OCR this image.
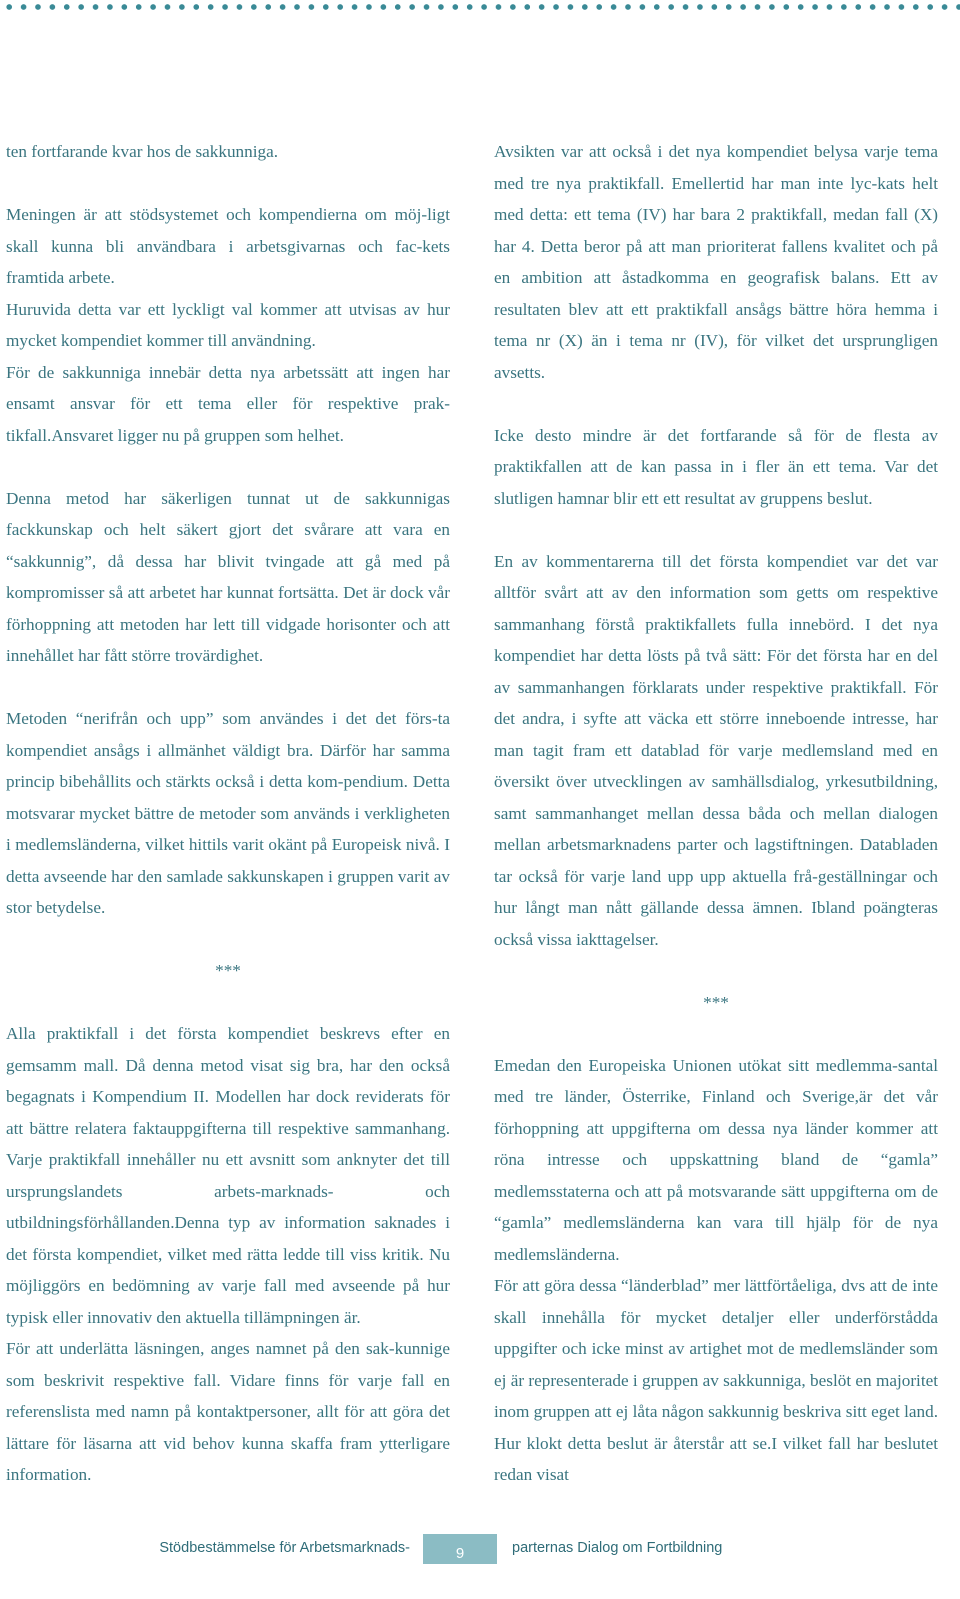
ten fortfarande kvar hos de sakkunniga.

Meningen är att stödsystemet och kompendierna om möj-ligt skall kunna bli användbara i arbetsgivarnas och fac-kets framtida arbete.

Huruvida detta var ett lyckligt val kommer att utvisas av hur mycket kompendiet kommer till användning.

För de sakkunniga innebär detta nya arbetssätt att ingen har ensamt ansvar för ett tema eller för respektive prak-tikfall.Ansvaret ligger nu på gruppen som helhet.

Denna metod har säkerligen tunnat ut de sakkunnigas fackkunskap och helt säkert gjort det svårare att vara en “sakkunnig”, då dessa har blivit tvingade att gå med på kompromisser så att arbetet har kunnat fortsätta. Det är dock vår förhoppning att metoden har lett till vidgade horisonter och att innehållet har fått större trovärdighet.

Metoden “nerifrån och upp” som användes i det det förs-ta kompendiet ansågs i allmänhet väldigt bra. Därför har samma princip bibehållits och stärkts också i detta kom-pendium. Detta motsvarar mycket bättre de metoder som används i verkligheten i medlemsländerna, vilket hittils varit okänt på Europeisk nivå. I detta avseende har den samlade sakkunskapen i gruppen varit av stor betydelse.

***

Alla praktikfall i det första kompendiet beskrevs efter en gemsamm mall. Då denna metod visat sig bra, har den också begagnats i Kompendium II. Modellen har dock reviderats för att bättre relatera faktauppgifterna till respektive sammanhang. Varje praktikfall innehåller nu ett avsnitt som anknyter det till ursprungslandets arbets-marknads- och utbildningsförhållanden.Denna typ av information saknades i det första kompendiet, vilket med rätta ledde till viss kritik. Nu möjliggörs en bedömning av varje fall med avseende på hur typisk eller innovativ den aktuella tillämpningen är.

För att underlätta läsningen, anges namnet på den sak-kunnige som beskrivit respektive fall. Vidare finns för varje fall en referenslista med namn på kontaktpersoner, allt för att göra det lättare för läsarna att vid behov kunna skaffa fram ytterligare information.

Avsikten var att också i det nya kompendiet belysa varje tema med tre nya praktikfall. Emellertid har man inte lyc-kats helt med detta: ett tema (IV) har bara 2 praktikfall, medan fall (X) har 4. Detta beror på att man prioriterat fallens kvalitet och på en ambition att åstadkomma en geografisk balans. Ett av resultaten blev att ett praktikfall ansågs bättre höra hemma i tema nr (X) än i tema nr (IV), för vilket det ursprungligen avsetts.

Icke desto mindre är det fortfarande så för de flesta av praktikfallen att de kan passa in i fler än ett tema. Var det slutligen hamnar blir ett ett resultat av gruppens beslut.

En av kommentarerna till det första kompendiet var det var alltför svårt att av den information som getts om respektive sammanhang förstå praktikfallets fulla innebörd. I det nya kompendiet har detta lösts på två sätt: För det första har en del av sammanhangen förklarats under respektive praktikfall. För det andra, i syfte att väcka ett större inneboende intresse, har man tagit fram ett datablad för varje medlemsland med en översikt över utvecklingen av samhällsdialog, yrkesutbildning, samt sammanhanget mellan dessa båda och mellan dialogen mellan arbetsmarknadens parter och lagstiftningen. Databladen tar också för varje land upp upp aktuella frå-geställningar och hur långt man nått gällande dessa ämnen. Ibland poängteras också vissa iakttagelser.

***

Emedan den Europeiska Unionen utökat sitt medlemma-santal med tre länder, Österrike, Finland och Sverige,är det vår förhoppning att uppgifterna om dessa nya länder kommer att röna intresse och uppskattning bland de “gamla” medlemsstaterna och att på motsvarande sätt uppgifterna om de “gamla” medlemsländerna kan vara till hjälp för de nya medlemsländerna.

För att göra dessa “länderblad” mer lättförtåeliga, dvs att de inte skall innehålla för mycket detaljer eller underförstådda uppgifter och icke minst av artighet mot de medlemsländer som ej är representerade i gruppen av sakkunniga, beslöt en majoritet inom gruppen att ej låta någon sakkunnig beskriva sitt eget land. Hur klokt detta beslut är återstår att se.I vilket fall har beslutet redan visat

Stödbestämmelse för Arbetsmarknads-	9	parternas Dialog om Fortbildning
